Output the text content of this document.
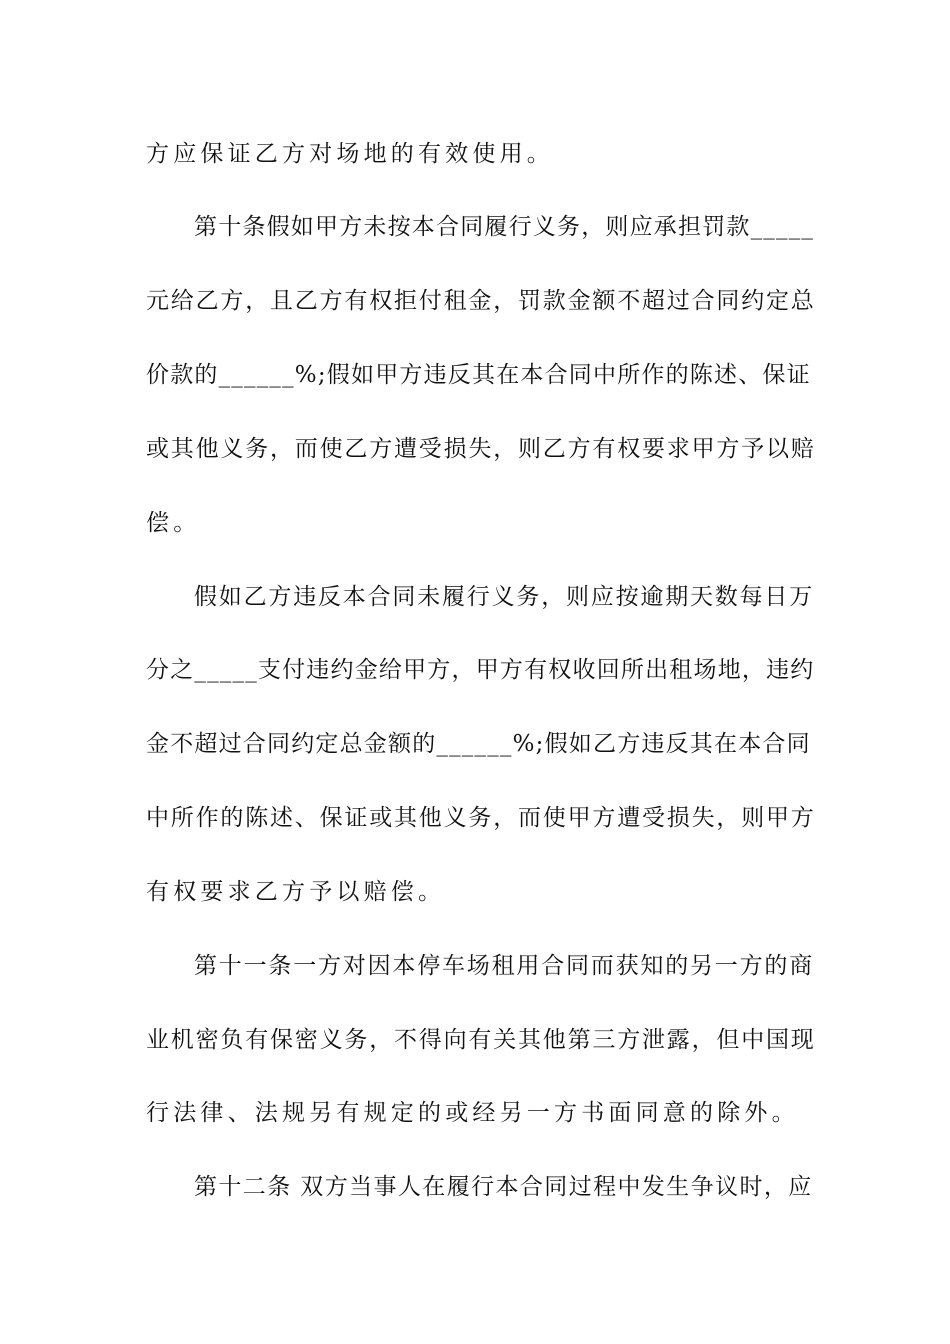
方应保证乙方对场地的有效使用。
第十条假如甲方未按本合同履行义务，则应承担罚款_____
元给乙方，且乙方有权拒付租金，罚款金额不超过合同约定总
价款的______%;假如甲方违反其在本合同中所作的陈述、保证
或其他义务，而使乙方遭受损失，则乙方有权要求甲方予以赔
偿。
假如乙方违反本合同未履行义务，则应按逾期天数每日万
分之_____支付违约金给甲方，甲方有权收回所出租场地，违约
金不超过合同约定总金额的______%;假如乙方违反其在本合同
中所作的陈述、保证或其他义务，而使甲方遭受损失，则甲方
有权要求乙方予以赔偿。
第十一条一方对因本停车场租用合同而获知的另一方的商
业机密负有保密义务，不得向有关其他第三方泄露，但中国现
行法律、法规另有规定的或经另一方书面同意的除外。
第十二条 双方当事人在履行本合同过程中发生争议时，应
